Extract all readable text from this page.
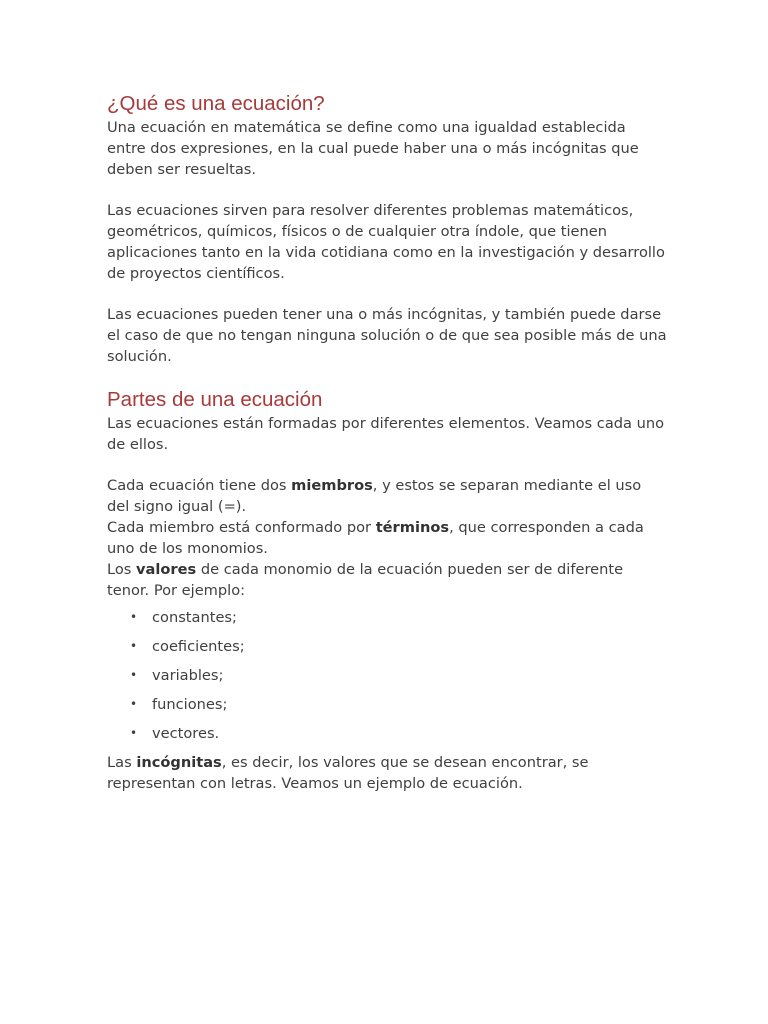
¿Qué es una ecuación?

Una ecuación en matemática se define como una igualdad establecida entre dos expresiones, en la cual puede haber una o más incógnitas que deben ser resueltas.

Las ecuaciones sirven para resolver diferentes problemas matemáticos, geométricos, químicos, físicos o de cualquier otra índole, que tienen aplicaciones tanto en la vida cotidiana como en la investigación y desarrollo de proyectos científicos.

Las ecuaciones pueden tener una o más incógnitas, y también puede darse el caso de que no tengan ninguna solución o de que sea posible más de una solución.

Partes de una ecuación

Las ecuaciones están formadas por diferentes elementos. Veamos cada uno de ellos.

Cada ecuación tiene dos miembros, y estos se separan mediante el uso del signo igual (=).

Cada miembro está conformado por términos, que corresponden a cada uno de los monomios.

Los valores de cada monomio de la ecuación pueden ser de diferente tenor. Por ejemplo:

• constantes;
• coeficientes;
• variables;
• funciones;
• vectores.

Las incógnitas, es decir, los valores que se desean encontrar, se representan con letras. Veamos un ejemplo de ecuación.
